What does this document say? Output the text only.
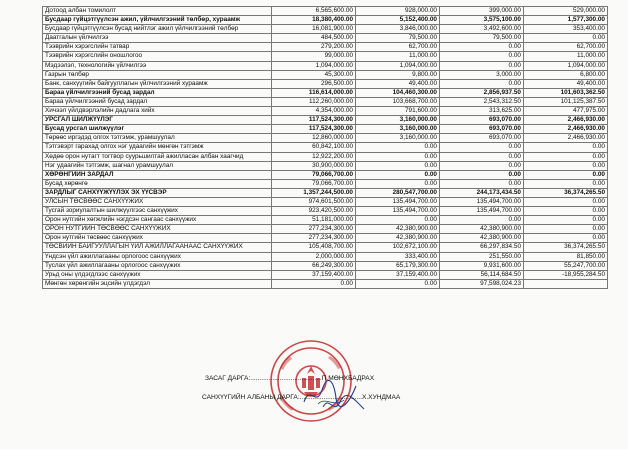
Дотоод албан томилолт	6,565,600.00	928,000.00	399,000.00	529,000.00
Бусдаар гүйцэтгүүлсэн ажил, үйлчилгээний төлбөр, хураамж	18,380,400.00	5,152,400.00	3,575,100.00	1,577,300.00
Бусдаар гүйцэтгүүлсэн бусад нийтлэг ажил үйлчилгээний төлбөр	16,081,900.00	3,846,000.00	3,492,600.00	353,400.00
Даатгалын үйлчилгээ	484,500.00	79,500.00	79,500.00	0.00
Тээврийн хэрэгслийн татвар	279,200.00	62,700.00	0.00	62,700.00
Тээврийн хэрэгслийн оношлогоо	99,000.00	11,000.00	0.00	11,000.00
Мэдээлэл, технологийн үйлчилгээ	1,094,000.00	1,094,000.00	0.00	1,094,000.00
Газрын төлбөр	45,300.00	9,800.00	3,000.00	6,800.00
Банк, санхүүгийн байгууллагын үйлчилгээний хураамж	296,500.00	49,400.00	0.00	49,400.00
Бараа үйлчилгээний бусад зардал	116,614,000.00	104,460,300.00	2,856,937.50	101,603,362.50
Бараа үйлчилгээний бусад зардал	112,260,000.00	103,668,700.00	2,543,312.50	101,125,387.50
Хичээл үйлдвэрлэлийн дадлага хийх	4,354,000.00	791,600.00	313,625.00	477,975.00
УРСГАЛ ШИЛЖҮҮЛЭГ	117,524,300.00	3,160,000.00	693,070.00	2,466,930.00
Бусад урсгал шилжүүлэг	117,524,300.00	3,160,000.00	693,070.00	2,466,930.00
Төрөөс иргэдэд олгох тэтгэмж, урамшуулал	12,860,000.00	3,160,000.00	693,070.00	2,466,930.00
Тэтгэвэрт гарахад олгох нэг удаагийн мөнгөн тэтгэмж	60,842,100.00	0.00	0.00	0.00
Хөдөө орон нутагт тогтвор суурьшилтай ажилласан албан хаагчид	12,922,200.00	0.00	0.00	0.00
Нэг удаагийн тэтгэмж, шагнал урамшуулал	30,900,000.00	0.00	0.00	0.00
ХӨРӨНГИЙН ЗАРДАЛ	79,066,700.00	0.00	0.00	0.00
Бусад хөрөнгө	79,066,700.00	0.00	0.00	0.00
ЗАРДЛЫГ САНХҮҮЖҮҮЛЭХ ЭХ ҮҮСВЭР	1,357,244,500.00	280,547,700.00	244,173,434.50	36,374,265.50
УЛСЫН ТӨСВӨӨС САНХҮҮЖИХ	974,601,500.00	135,494,700.00	135,494,700.00	0.00
Тусгай зориулалтын шилжүүлгээс санхүүжих	923,420,500.00	135,494,700.00	135,494,700.00	0.00
Орон нутгийн хөгжлийн нэгдсэн сангаас санхүүжих	51,181,000.00	0.00	0.00	0.00
ОРОН НУТГИЙН ТӨСВӨӨС САНХҮҮЖИХ	277,234,300.00	42,380,900.00	42,380,900.00	0.00
Орон нутгийн төсвөөс санхүүжих	277,234,300.00	42,380,900.00	42,380,900.00	0.00
ТӨСВИЙН БАЙГУУЛЛАГЫН ҮЙЛ АЖИЛЛАГААНААС САНХҮҮЖИХ	105,408,700.00	102,672,100.00	66,297,834.50	36,374,265.50
Үндсэн үйл ажиллагааны орлогоос санхүүжих	2,000,000.00	333,400.00	251,550.00	81,850.00
Туслах үйл ажиллагааны орлогоос санхүүжих	66,249,300.00	65,179,300.00	9,931,600.00	55,247,700.00
Урьд оны үлдэгдлээс санхүүжих	37,159,400.00	37,159,400.00	56,114,684.50	-18,955,284.50
Мөнгөн хөрөнгийн эцсийн үлдэгдэл	0.00	0.00	97,598,024.23	
ЗАСАГ ДАРГА:.......................................П.МӨНХБАДРАХ
САНХҮҮГИЙН АЛБАНЫ ДАРГА:..................................Х.ХУНДМАА
